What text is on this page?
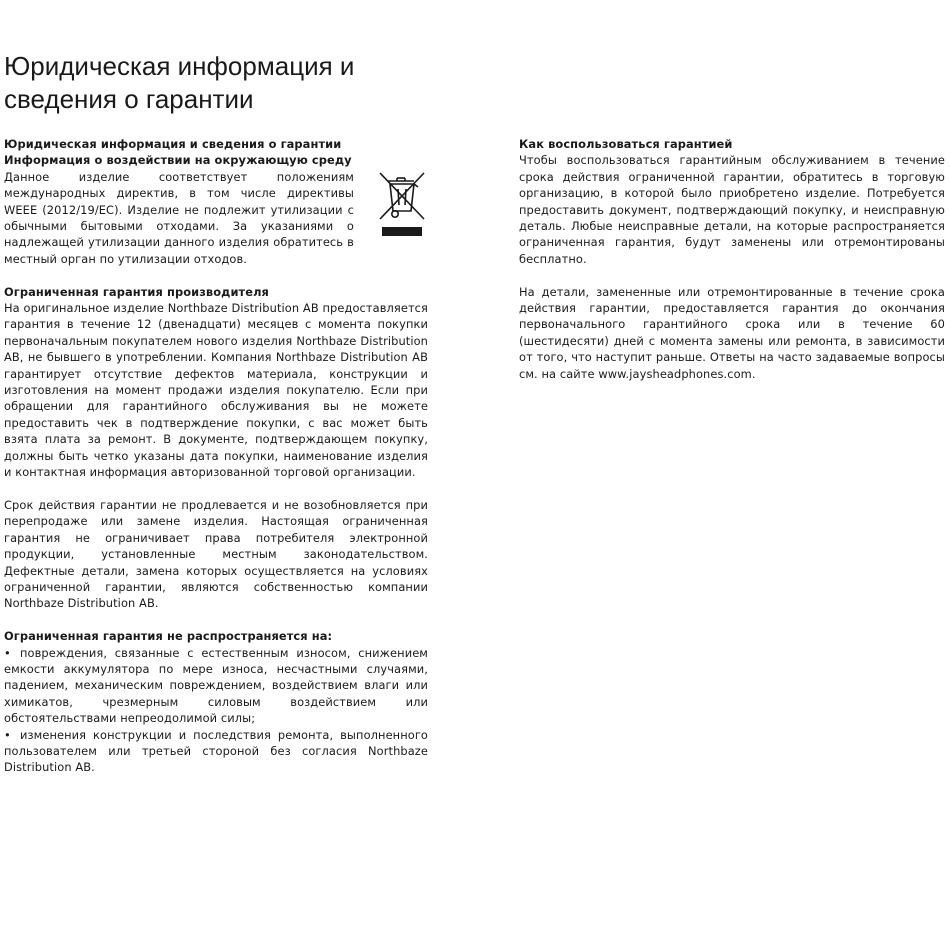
Юридическая информация и сведения о гарантии

Юридическая информация и сведения о гарантии

Информация о воздействии на окружающую среду

Данное изделие соответствует положениям международных директив, в том числе директивы WEEE (2012/19/EC). Изделие не подлежит утилизации с обычными бытовыми отходами. За указаниями о надлежащей утилизации данного изделия обратитесь в местный орган по утилизации отходов.

Ограниченная гарантия производителя

На оригинальное изделие Northbaze Distribution AB предоставляется гарантия в течение 12 (двенадцати) месяцев с момента покупки первоначальным покупателем нового изделия Northbaze Distribution AB, не бывшего в употреблении. Компания Northbaze Distribution AB гарантирует отсутствие дефектов материала, конструкции и изготовления на момент продажи изделия покупателю. Если при обращении для гарантийного обслуживания вы не можете предоставить чек в подтверждение покупки, с вас может быть взята плата за ремонт. В документе, подтверждающем покупку, должны быть четко указаны дата покупки, наименование изделия и контактная информация авторизованной торговой организации.

Срок действия гарантии не продлевается и не возобновляется при перепродаже или замене изделия. Настоящая ограниченная гарантия не ограничивает права потребителя электронной продукции, установленные местным законодательством. Дефектные детали, замена которых осуществляется на условиях ограниченной гарантии, являются собственностью компании Northbaze Distribution AB.

Ограниченная гарантия не распространяется на:

• повреждения, связанные с естественным износом, снижением емкости аккумулятора по мере износа, несчастными случаями, падением, механическим повреждением, воздействием влаги или химикатов, чрезмерным силовым воздействием или обстоятельствами непреодолимой силы;

• изменения конструкции и последствия ремонта, выполненного пользователем или третьей стороной без согласия Northbaze Distribution AB.

Как воспользоваться гарантией

Чтобы воспользоваться гарантийным обслуживанием в течение срока действия ограниченной гарантии, обратитесь в торговую организацию, в которой было приобретено изделие. Потребуется предоставить документ, подтверждающий покупку, и неисправную деталь. Любые неисправные детали, на которые распространяется ограниченная гарантия, будут заменены или отремонтированы бесплатно.

На детали, замененные или отремонтированные в течение срока действия гарантии, предоставляется гарантия до окончания первоначального гарантийного срока или в течение 60 (шестидесяти) дней с момента замены или ремонта, в зависимости от того, что наступит раньше. Ответы на часто задаваемые вопросы см. на сайте www.jaysheadphones.com.
